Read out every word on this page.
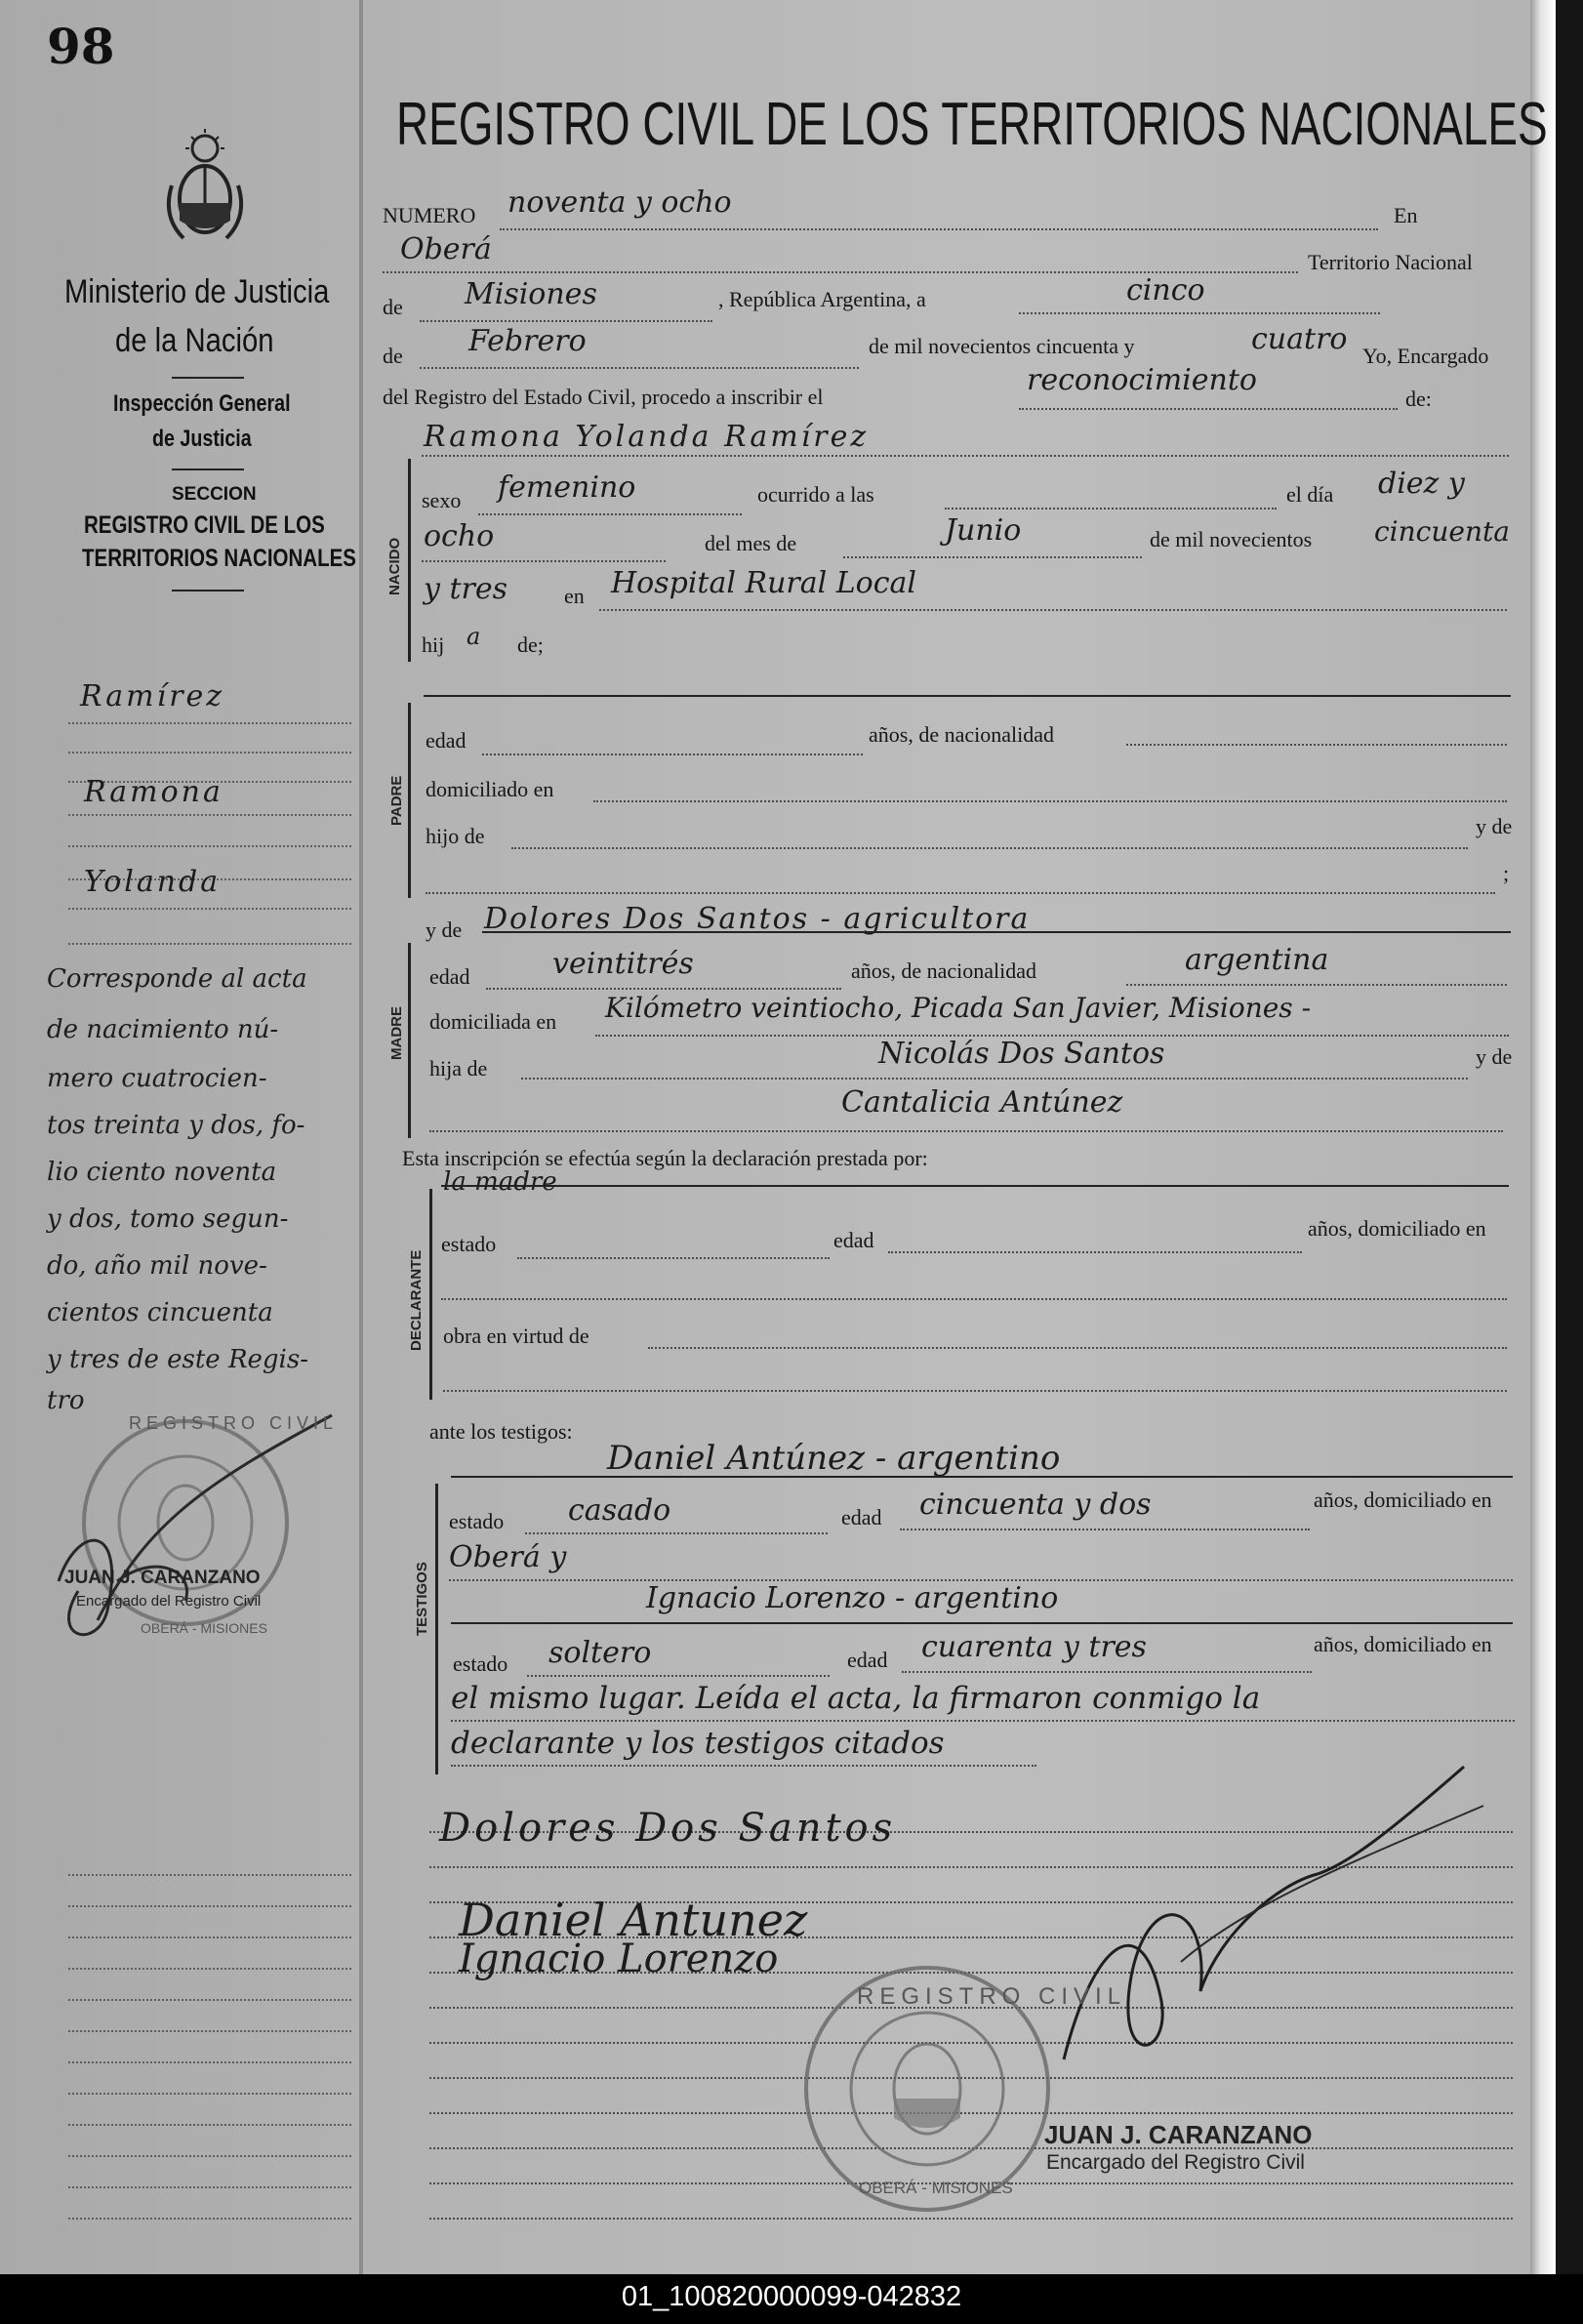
98
Ministerio de Justicia
de la Nación
Inspección General
de Justicia
SECCION
REGISTRO CIVIL DE LOS
TERRITORIOS NACIONALES
Ramírez
Ramona
Yolanda
Corresponde al acta
de nacimiento nú-
mero cuatrocien-
tos treinta y dos, fo-
lio ciento noventa
y dos, tomo segun-
do, año mil nove-
cientos cincuenta
y tres de este Regis-
tro
REGISTRO CIVIL
OBERÁ - MISIONES
JUAN J. CARANZANO
Encargado del Registro Civil
REGISTRO CIVIL DE LOS TERRITORIOS NACIONALES
NUMERO noventa y ocho	En
Oberá	Territorio Nacional
de Misiones	, República Argentina, a	cinco
de Febrero	de mil novecientos cincuenta y	cuatro Yo, Encargado
del Registro del Estado Civil, procedo a inscribir el	reconocimiento
de:
Ramona Yolanda Ramírez
NACIDO
sexo femenino	ocurrido a las	el día diez y
ocho	del mes de	Junio	de mil novecientos cincuenta
y tres	en Hospital Rural Local
hij a de;
PADRE
edad	años, de nacionalidad
domiciliado en
hijo de	y de
;
y de Dolores Dos Santos - agricultora
MADRE
edad	veintitrés	años, de nacionalidad	argentina
domiciliada en Kilómetro veintiocho, Picada San Javier, Misiones -
hija de	Nicolás Dos Santos	y de
Cantalicia Antúnez
Esta inscripción se efectúa según la declaración prestada por:
la madre
DECLARANTE
estado	edad	años, domiciliado en
obra en virtud de
ante los testigos:
Daniel Antúnez - argentino
TESTIGOS
estado casado	edad cincuenta y dos	años, domiciliado en
Oberá y
Ignacio Lorenzo - argentino
estado soltero	edad cuarenta y tres	años, domiciliado en
el mismo lugar. Leída el acta, la firmaron conmigo la
declarante y los testigos citados
Dolores Dos Santos
Daniel Antunez
Ignacio Lorenzo
REGISTRO CIVIL
OBERÁ - MISIONES
JUAN J. CARANZANO
Encargado del Registro Civil
01_100820000099-042832
